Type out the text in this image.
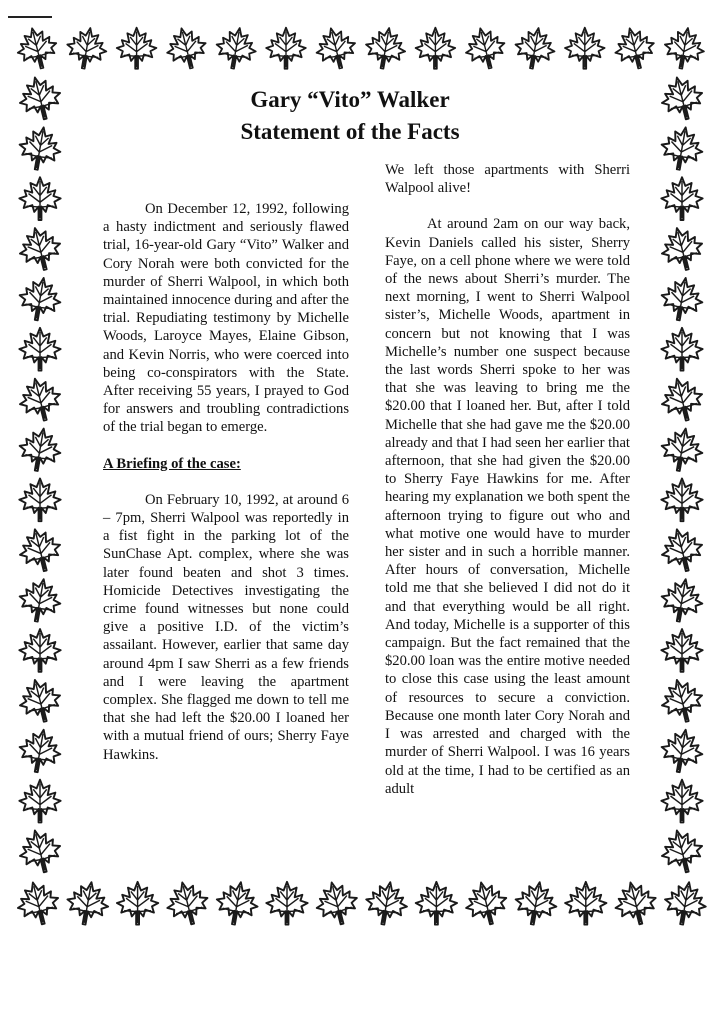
Gary “Vito” Walker
Statement of the Facts

On December 12, 1992, following a hasty indictment and seriously flawed trial, 16-year-old Gary “Vito” Walker and Cory Norah were both convicted for the murder of Sherri Walpool, in which both maintained innocence during and after the trial. Repudiating testimony by Michelle Woods, Laroyce Mayes, Elaine Gibson, and Kevin Norris, who were coerced into being co-conspirators with the State. After receiving 55 years, I prayed to God for answers and troubling contradictions of the trial began to emerge.

A Briefing of the case:

On February 10, 1992, at around 6 – 7pm, Sherri Walpool was reportedly in a fist fight in the parking lot of the SunChase Apt. complex, where she was later found beaten and shot 3 times. Homicide Detectives investigating the crime found witnesses but none could give a positive I.D. of the victim’s assailant. However, earlier that same day around 4pm I saw Sherri as a few friends and I were leaving the apartment complex. She flagged me down to tell me that she had left the $20.00 I loaned her with a mutual friend of ours; Sherry Faye Hawkins.

We left those apartments with Sherri Walpool alive!

At around 2am on our way back, Kevin Daniels called his sister, Sherry Faye, on a cell phone where we were told of the news about Sherri’s murder. The next morning, I went to Sherri Walpool sister’s, Michelle Woods, apartment in concern but not knowing that I was Michelle’s number one suspect because the last words Sherri spoke to her was that she was leaving to bring me the $20.00 that I loaned her. But, after I told Michelle that she had gave me the $20.00 already and that I had seen her earlier that afternoon, that she had given the $20.00 to Sherry Faye Hawkins for me. After hearing my explanation we both spent the afternoon trying to figure out who and what motive one would have to murder her sister and in such a horrible manner. After hours of conversation, Michelle told me that she believed I did not do it and that everything would be all right. And today, Michelle is a supporter of this campaign. But the fact remained that the $20.00 loan was the entire motive needed to close this case using the least amount of resources to secure a conviction. Because one month later Cory Norah and I was arrested and charged with the murder of Sherri Walpool. I was 16 years old at the time, I had to be certified as an adult
